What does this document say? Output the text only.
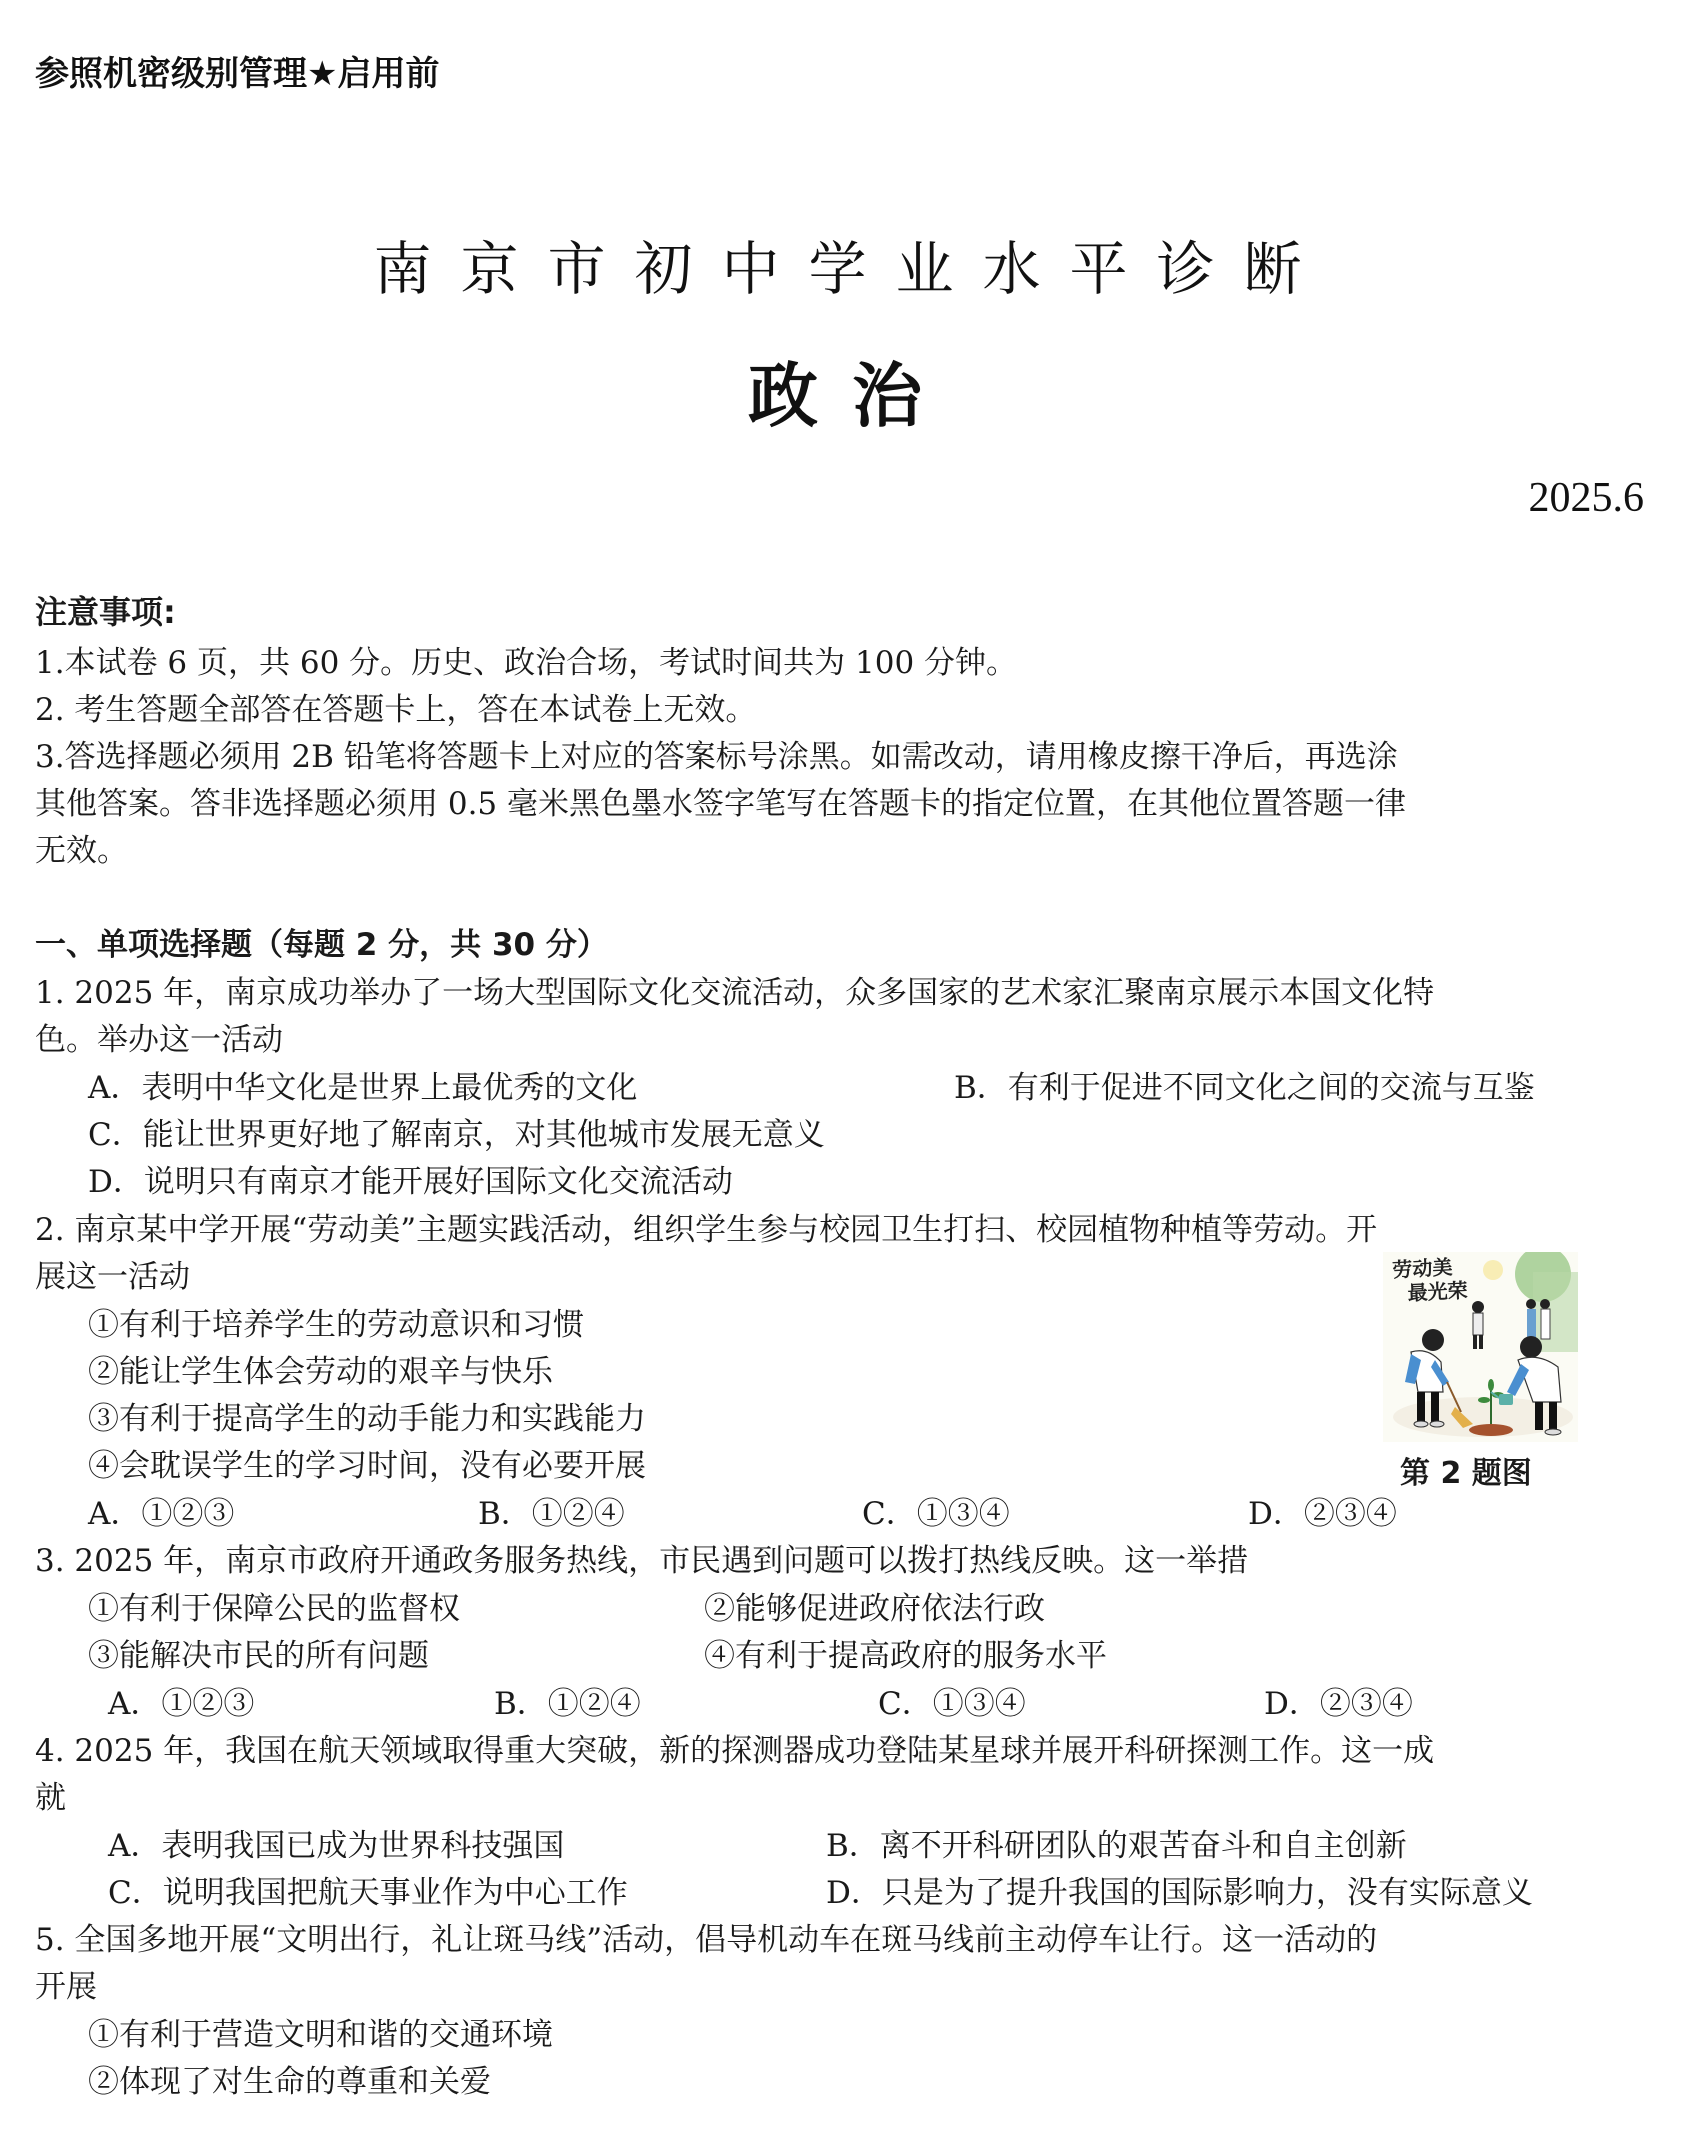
参照机密级别管理★启用前
南京市初中学业水平诊断
政治
2025.6
注意事项:
1.本试卷 6 页，共 60 分。历史、政治合场，考试时间共为 100 分钟。
2. 考生答题全部答在答题卡上，答在本试卷上无效。
3.答选择题必须用 2B 铅笔将答题卡上对应的答案标号涂黑。如需改动，请用橡皮擦干净后，再选涂
其他答案。答非选择题必须用 0.5 毫米黑色墨水签字笔写在答题卡的指定位置，在其他位置答题一律
无效。
一、单项选择题（每题 2 分，共 30 分）
1. 2025 年，南京成功举办了一场大型国际文化交流活动，众多国家的艺术家汇聚南京展示本国文化特
色。举办这一活动
A．表明中华文化是世界上最优秀的文化	B．有利于促进不同文化之间的交流与互鉴
C．能让世界更好地了解南京，对其他城市发展无意义
D．说明只有南京才能开展好国际文化交流活动
2. 南京某中学开展“劳动美”主题实践活动，组织学生参与校园卫生打扫、校园植物种植等劳动。开
展这一活动
①有利于培养学生的劳动意识和习惯
②能让学生体会劳动的艰辛与快乐
③有利于提高学生的动手能力和实践能力
④会耽误学生的学习时间，没有必要开展
A．①②③	B．①②④	C．①③④	D．②③④
劳动美
最光荣
第 2 题图
3. 2025 年，南京市政府开通政务服务热线，市民遇到问题可以拨打热线反映。这一举措
①有利于保障公民的监督权	②能够促进政府依法行政
③能解决市民的所有问题	④有利于提高政府的服务水平
A．①②③	B．①②④	C．①③④	D．②③④
4. 2025 年，我国在航天领域取得重大突破，新的探测器成功登陆某星球并展开科研探测工作。这一成
就
A．表明我国已成为世界科技强国	B．离不开科研团队的艰苦奋斗和自主创新
C．说明我国把航天事业作为中心工作	D．只是为了提升我国的国际影响力，没有实际意义
5. 全国多地开展“文明出行，礼让斑马线”活动，倡导机动车在斑马线前主动停车让行。这一活动的
开展
①有利于营造文明和谐的交通环境
②体现了对生命的尊重和关爱
